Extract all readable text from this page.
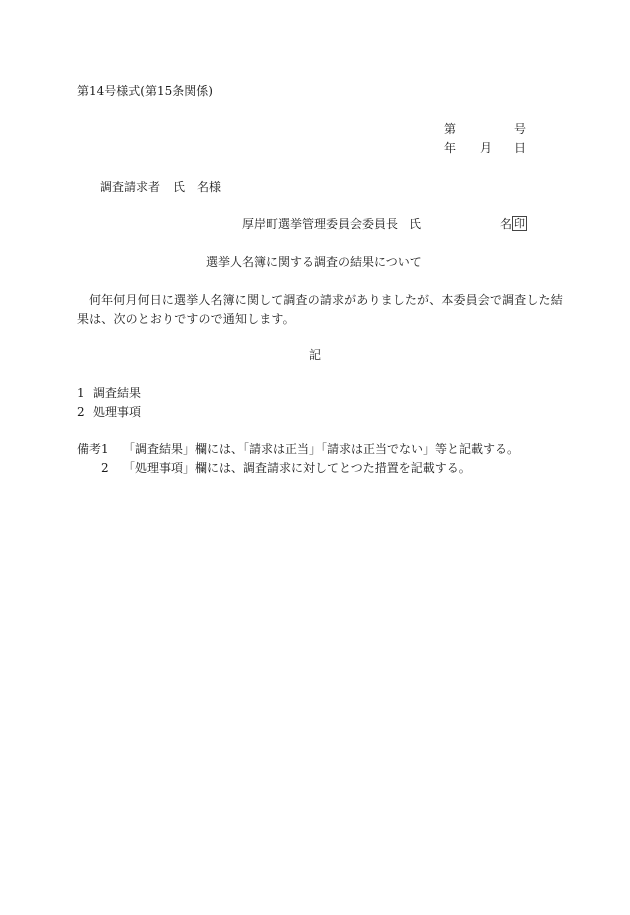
第14号様式(第15条関係)
第	号
年 月 日
調査請求者 氏　名様
厚岸町選挙管理委員会委員長 氏	名 印
選挙人名簿に関する調査の結果について
何年何月何日に選挙人名簿に関して調査の請求がありましたが、本委員会で調査した結
果は、次のとおりですので通知します。
記
1 調査結果
2 処理事項
備考1 「調査結果」欄には、「請求は正当」「請求は正当でない」等と記載する。
2 「処理事項」欄には、調査請求に対してとつた措置を記載する。
